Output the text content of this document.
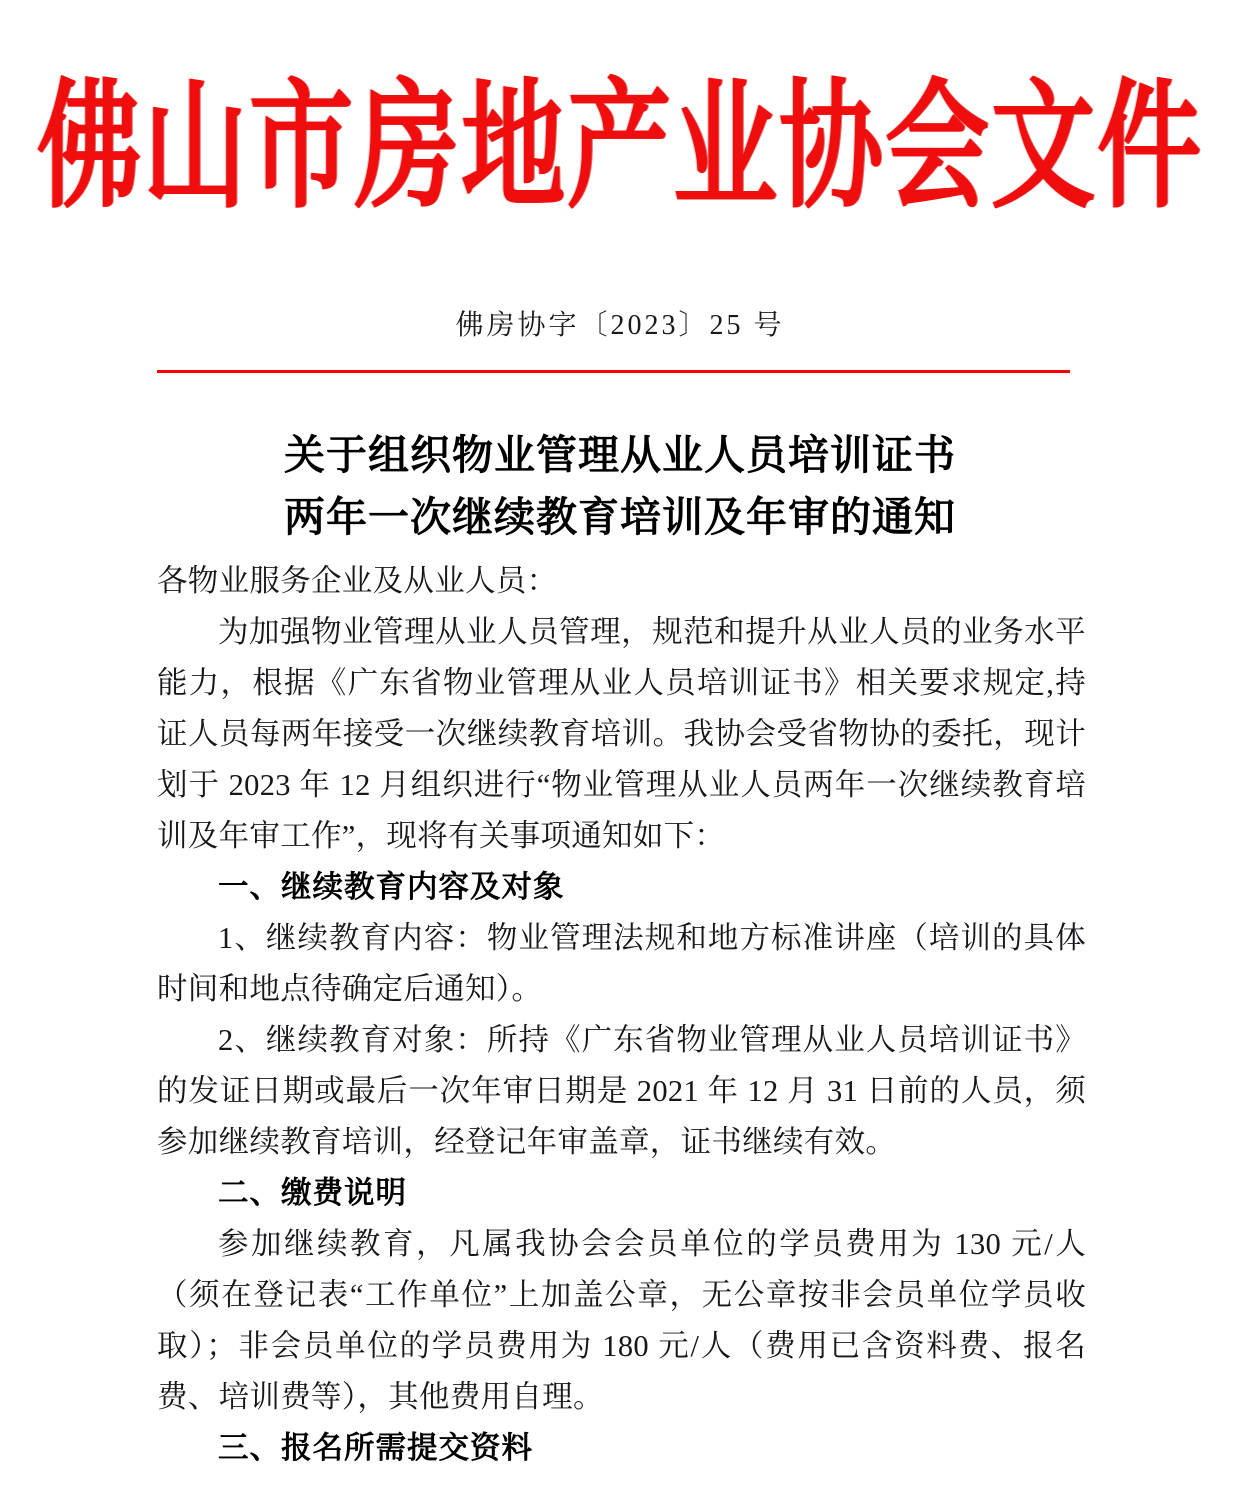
佛山市房地产业协会文件
佛房协字〔2023〕25 号
关于组织物业管理从业人员培训证书
两年一次继续教育培训及年审的通知

各物业服务企业及从业人员：

为加强物业管理从业人员管理，规范和提升从业人员的业务水平能力，根据《广东省物业管理从业人员培训证书》相关要求规定,持证人员每两年接受一次继续教育培训。我协会受省物协的委托，现计划于 2023 年 12 月组织进行“物业管理从业人员两年一次继续教育培训及年审工作”，现将有关事项通知如下：

一、继续教育内容及对象

1、继续教育内容：物业管理法规和地方标准讲座（培训的具体时间和地点待确定后通知）。

2、继续教育对象：所持《广东省物业管理从业人员培训证书》的发证日期或最后一次年审日期是 2021 年 12 月 31 日前的人员，须参加继续教育培训，经登记年审盖章，证书继续有效。

二、缴费说明

参加继续教育，凡属我协会会员单位的学员费用为 130 元/人（须在登记表“工作单位”上加盖公章，无公章按非会员单位学员收取）；非会员单位的学员费用为 180 元/人（费用已含资料费、报名费、培训费等），其他费用自理。

三、报名所需提交资料
